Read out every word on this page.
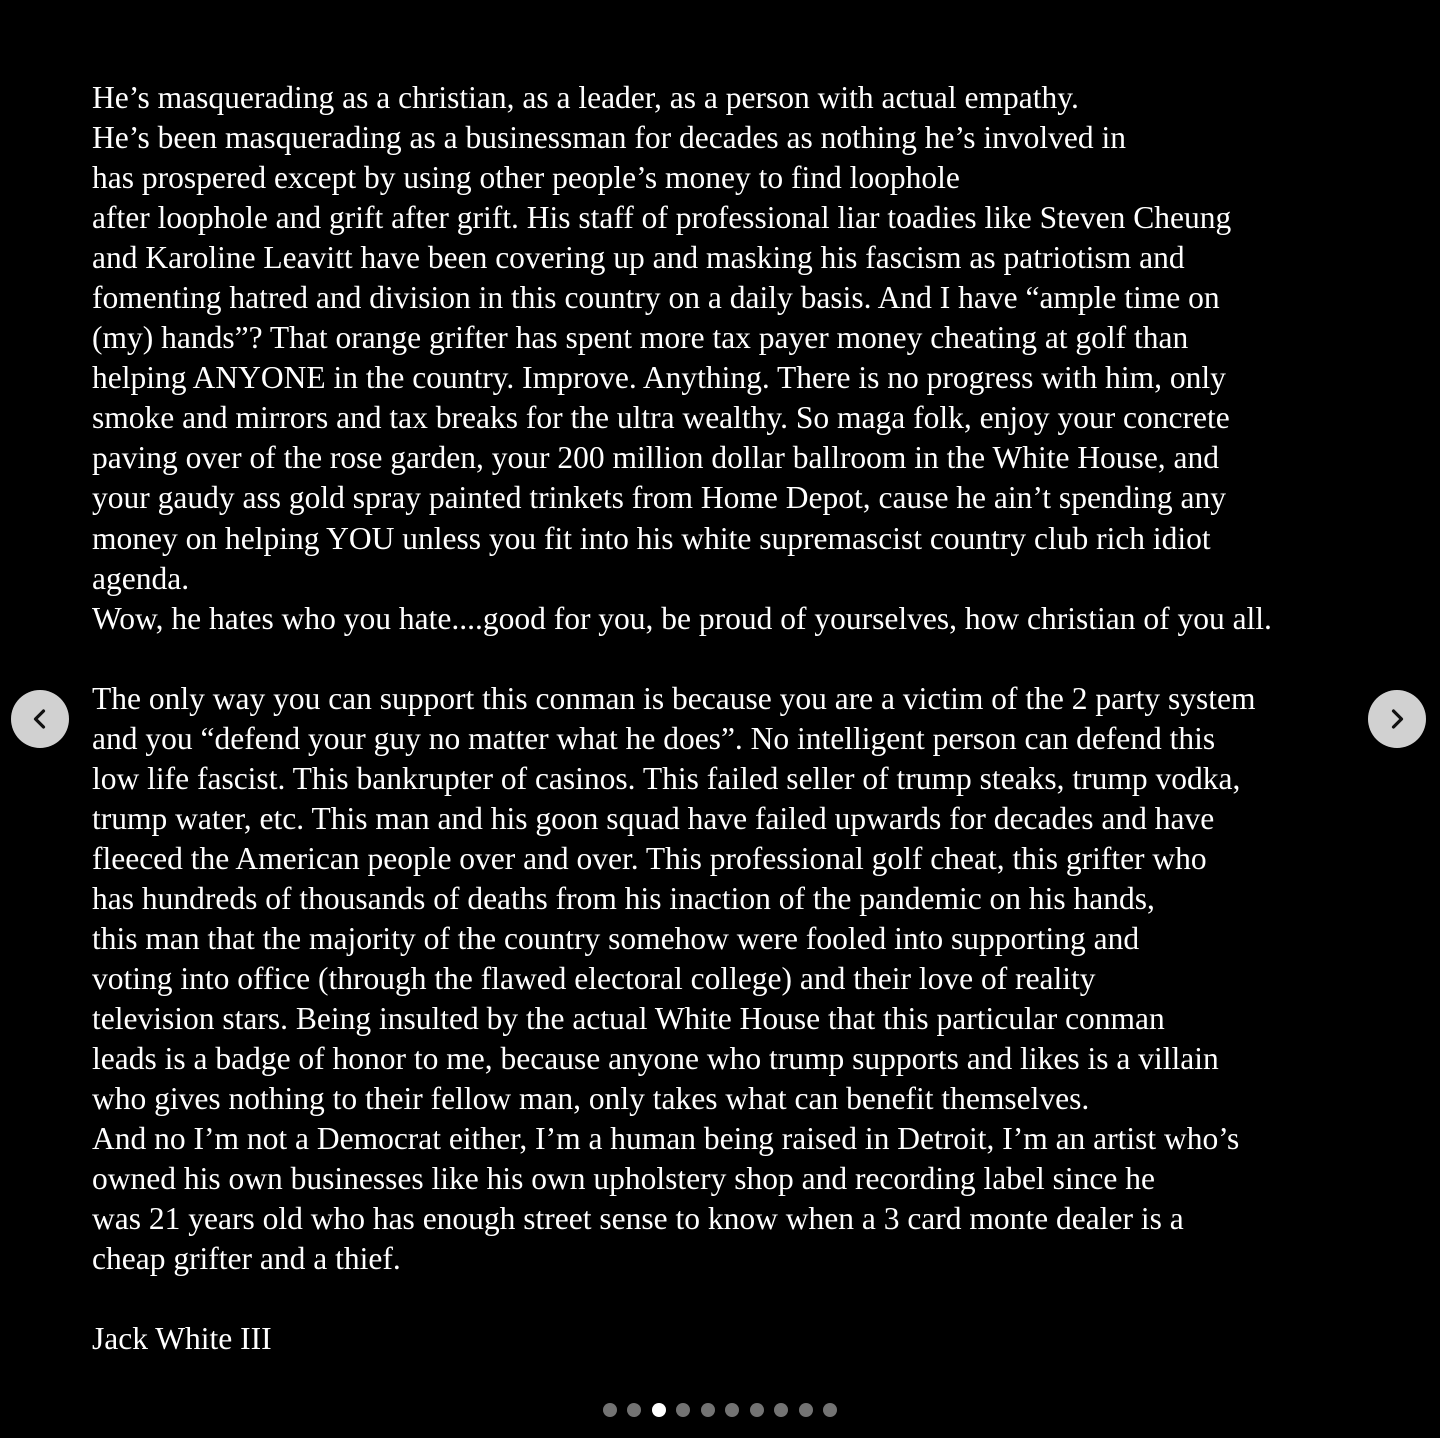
He’s masquerading as a christian, as a leader, as a person with actual empathy.
He’s been masquerading as a businessman for decades as nothing he’s involved in
has prospered except by using other people’s money to find loophole
after loophole and grift after grift. His staff of professional liar toadies like Steven Cheung
and Karoline Leavitt have been covering up and masking his fascism as patriotism and
fomenting hatred and division in this country on a daily basis. And I have “ample time on
(my) hands”? That orange grifter has spent more tax payer money cheating at golf than
helping ANYONE in the country. Improve. Anything. There is no progress with him, only
smoke and mirrors and tax breaks for the ultra wealthy. So maga folk, enjoy your concrete
paving over of the rose garden, your 200 million dollar ballroom in the White House, and
your gaudy ass gold spray painted trinkets from Home Depot, cause he ain’t spending any
money on helping YOU unless you fit into his white supremascist country club rich idiot
agenda.
Wow, he hates who you hate....good for you, be proud of yourselves, how christian of you all.
The only way you can support this conman is because you are a victim of the 2 party system
and you “defend your guy no matter what he does”. No intelligent person can defend this
low life fascist. This bankrupter of casinos. This failed seller of trump steaks, trump vodka,
trump water, etc. This man and his goon squad have failed upwards for decades and have
fleeced the American people over and over. This professional golf cheat, this grifter who
has hundreds of thousands of deaths from his inaction of the pandemic on his hands,
this man that the majority of the country somehow were fooled into supporting and
voting into office (through the flawed electoral college) and their love of reality
television stars. Being insulted by the actual White House that this particular conman
leads is a badge of honor to me, because anyone who trump supports and likes is a villain
who gives nothing to their fellow man, only takes what can benefit themselves.
And no I’m not a Democrat either, I’m a human being raised in Detroit, I’m an artist who’s
owned his own businesses like his own upholstery shop and recording label since he
was 21 years old who has enough street sense to know when a 3 card monte dealer is a
cheap grifter and a thief.
Jack White III
